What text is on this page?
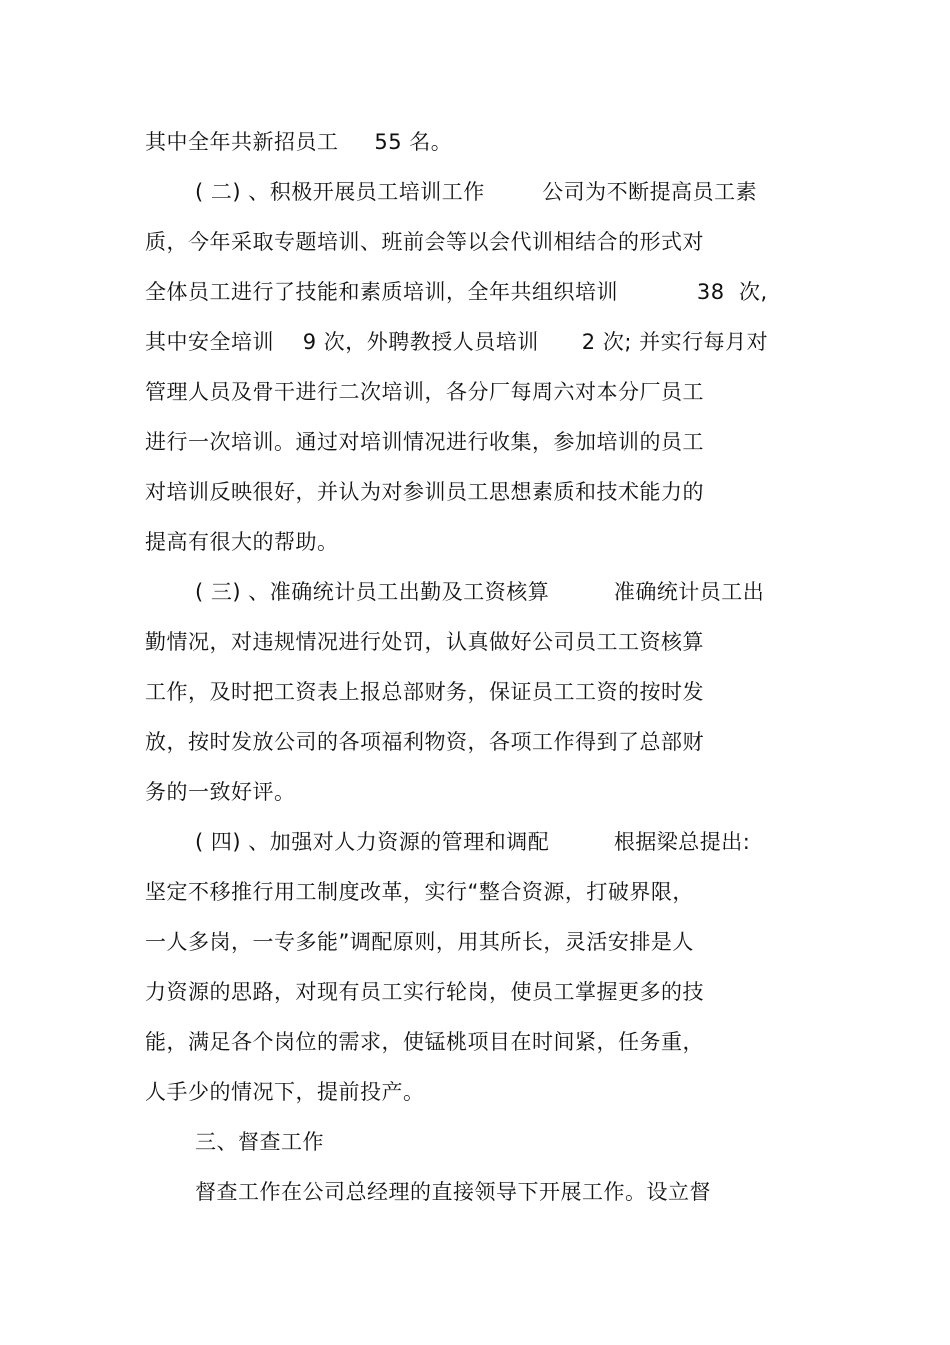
其中全年共新招员工     55 名。
( 二) 、积极开展员工培训工作        公司为不断提高员工素
质，今年采取专题培训、班前会等以会代训相结合的形式对
全体员工进行了技能和素质培训，全年共组织培训           38  次,
其中安全培训    9 次，外聘教授人员培训      2 次; 并实行每月对
管理人员及骨干进行二次培训，各分厂每周六对本分厂员工
进行一次培训。通过对培训情况进行收集，参加培训的员工
对培训反映很好，并认为对参训员工思想素质和技术能力的
提高有很大的帮助。
( 三) 、准确统计员工出勤及工资核算         准确统计员工出
勤情况，对违规情况进行处罚，认真做好公司员工工资核算
工作，及时把工资表上报总部财务，保证员工工资的按时发
放，按时发放公司的各项福利物资，各项工作得到了总部财
务的一致好评。
( 四) 、加强对人力资源的管理和调配         根据梁总提出:
坚定不移推行用工制度改革，实行“整合资源，打破界限，
一人多岗，一专多能”调配原则，用其所长，灵活安排是人
力资源的思路，对现有员工实行轮岗，使员工掌握更多的技
能，满足各个岗位的需求，使锰桃项目在时间紧，任务重，
人手少的情况下，提前投产。
三、督查工作
督查工作在公司总经理的直接领导下开展工作。设立督
